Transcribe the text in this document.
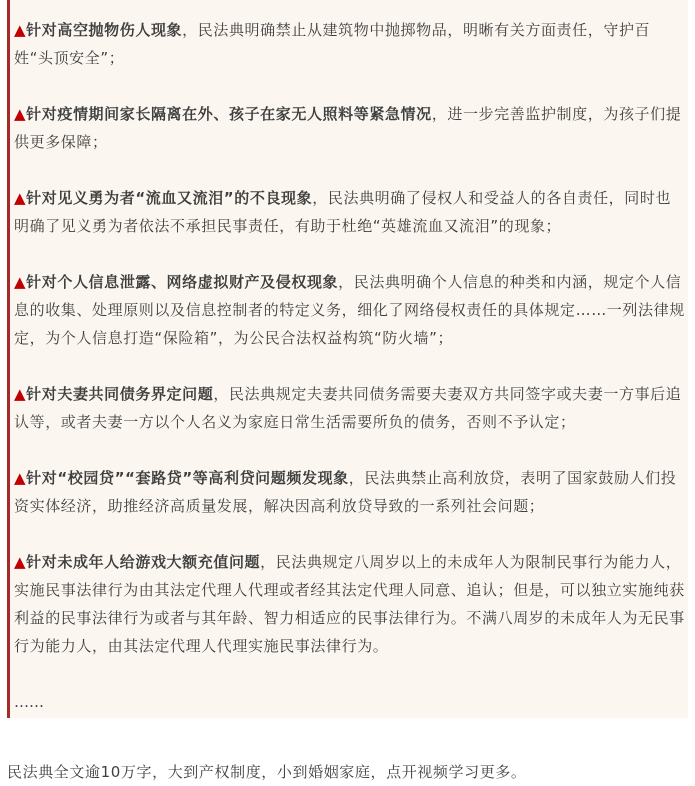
▲针对高空抛物伤人现象，民法典明确禁止从建筑物中抛掷物品，明晰有关方面责任，守护百姓“头顶安全”；

▲针对疫情期间家长隔离在外、孩子在家无人照料等紧急情况，进一步完善监护制度，为孩子们提供更多保障；

▲针对见义勇为者“流血又流泪”的不良现象，民法典明确了侵权人和受益人的各自责任，同时也明确了见义勇为者依法不承担民事责任，有助于杜绝“英雄流血又流泪”的现象；

▲针对个人信息泄露、网络虚拟财产及侵权现象，民法典明确个人信息的种类和内涵，规定个人信息的收集、处理原则以及信息控制者的特定义务，细化了网络侵权责任的具体规定……一列法律规定，为个人信息打造“保险箱”，为公民合法权益构筑“防火墙”；

▲针对夫妻共同债务界定问题，民法典规定夫妻共同债务需要夫妻双方共同签字或夫妻一方事后追认等，或者夫妻一方以个人名义为家庭日常生活需要所负的债务，否则不予认定；

▲针对“校园贷”“套路贷”等高利贷问题频发现象，民法典禁止高利放贷，表明了国家鼓励人们投资实体经济，助推经济高质量发展，解决因高利放贷导致的一系列社会问题；

▲针对未成年人给游戏大额充值问题，民法典规定八周岁以上的未成年人为限制民事行为能力人，实施民事法律行为由其法定代理人代理或者经其法定代理人同意、追认；但是，可以独立实施纯获利益的民事法律行为或者与其年龄、智力相适应的民事法律行为。不满八周岁的未成年人为无民事行为能力人，由其法定代理人代理实施民事法律行为。

……

民法典全文逾10万字，大到产权制度，小到婚姻家庭，点开视频学习更多。
